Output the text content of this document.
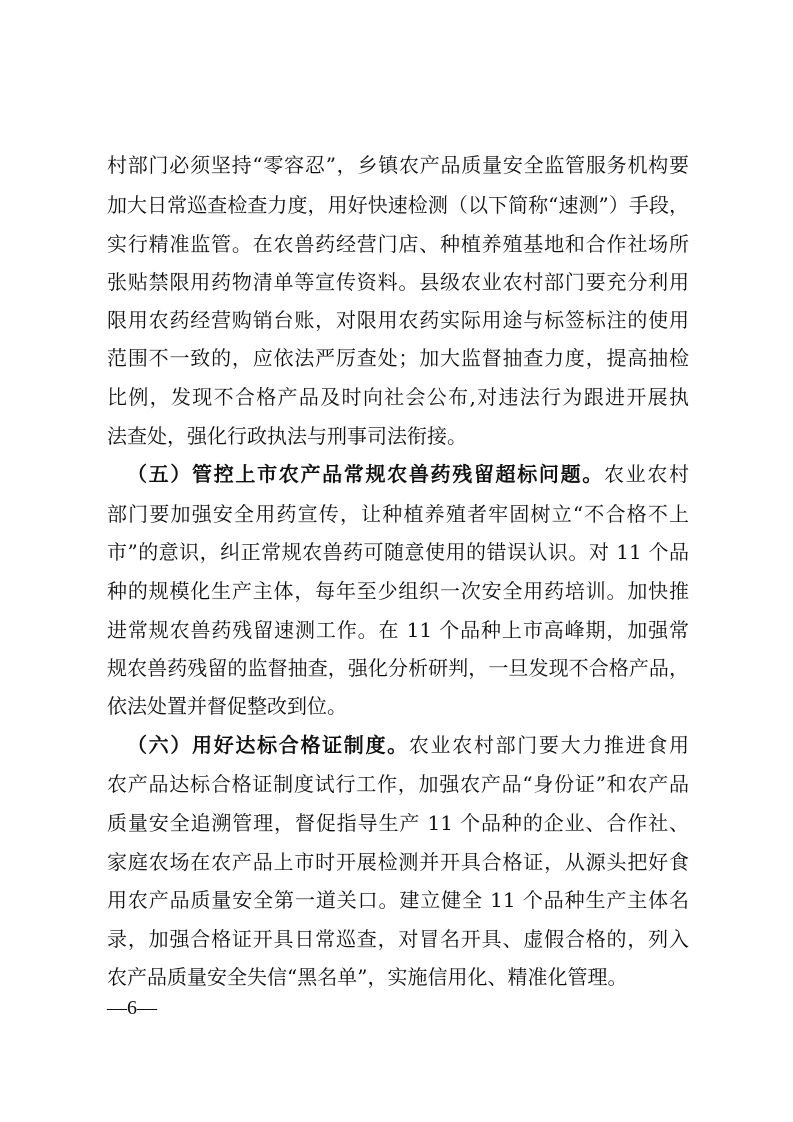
村部门必须坚持“零容忍”，乡镇农产品质量安全监管服务机构要
加大日常巡查检查力度，用好快速检测（以下简称“速测”）手段，
实行精准监管。在农兽药经营门店、种植养殖基地和合作社场所
张贴禁限用药物清单等宣传资料。县级农业农村部门要充分利用
限用农药经营购销台账，对限用农药实际用途与标签标注的使用
范围不一致的，应依法严厉查处；加大监督抽查力度，提高抽检
比例，发现不合格产品及时向社会公布,对违法行为跟进开展执
法查处，强化行政执法与刑事司法衔接。
（五）管控上市农产品常规农兽药残留超标问题。农业农村
部门要加强安全用药宣传，让种植养殖者牢固树立“不合格不上
市”的意识，纠正常规农兽药可随意使用的错误认识。对 11 个品
种的规模化生产主体，每年至少组织一次安全用药培训。加快推
进常规农兽药残留速测工作。在 11 个品种上市高峰期，加强常
规农兽药残留的监督抽查，强化分析研判，一旦发现不合格产品，
依法处置并督促整改到位。
（六）用好达标合格证制度。农业农村部门要大力推进食用
农产品达标合格证制度试行工作，加强农产品“身份证”和农产品
质量安全追溯管理，督促指导生产 11 个品种的企业、合作社、
家庭农场在农产品上市时开展检测并开具合格证，从源头把好食
用农产品质量安全第一道关口。建立健全 11 个品种生产主体名
录，加强合格证开具日常巡查，对冒名开具、虚假合格的，列入
农产品质量安全失信“黑名单”，实施信用化、精准化管理。
—6—
